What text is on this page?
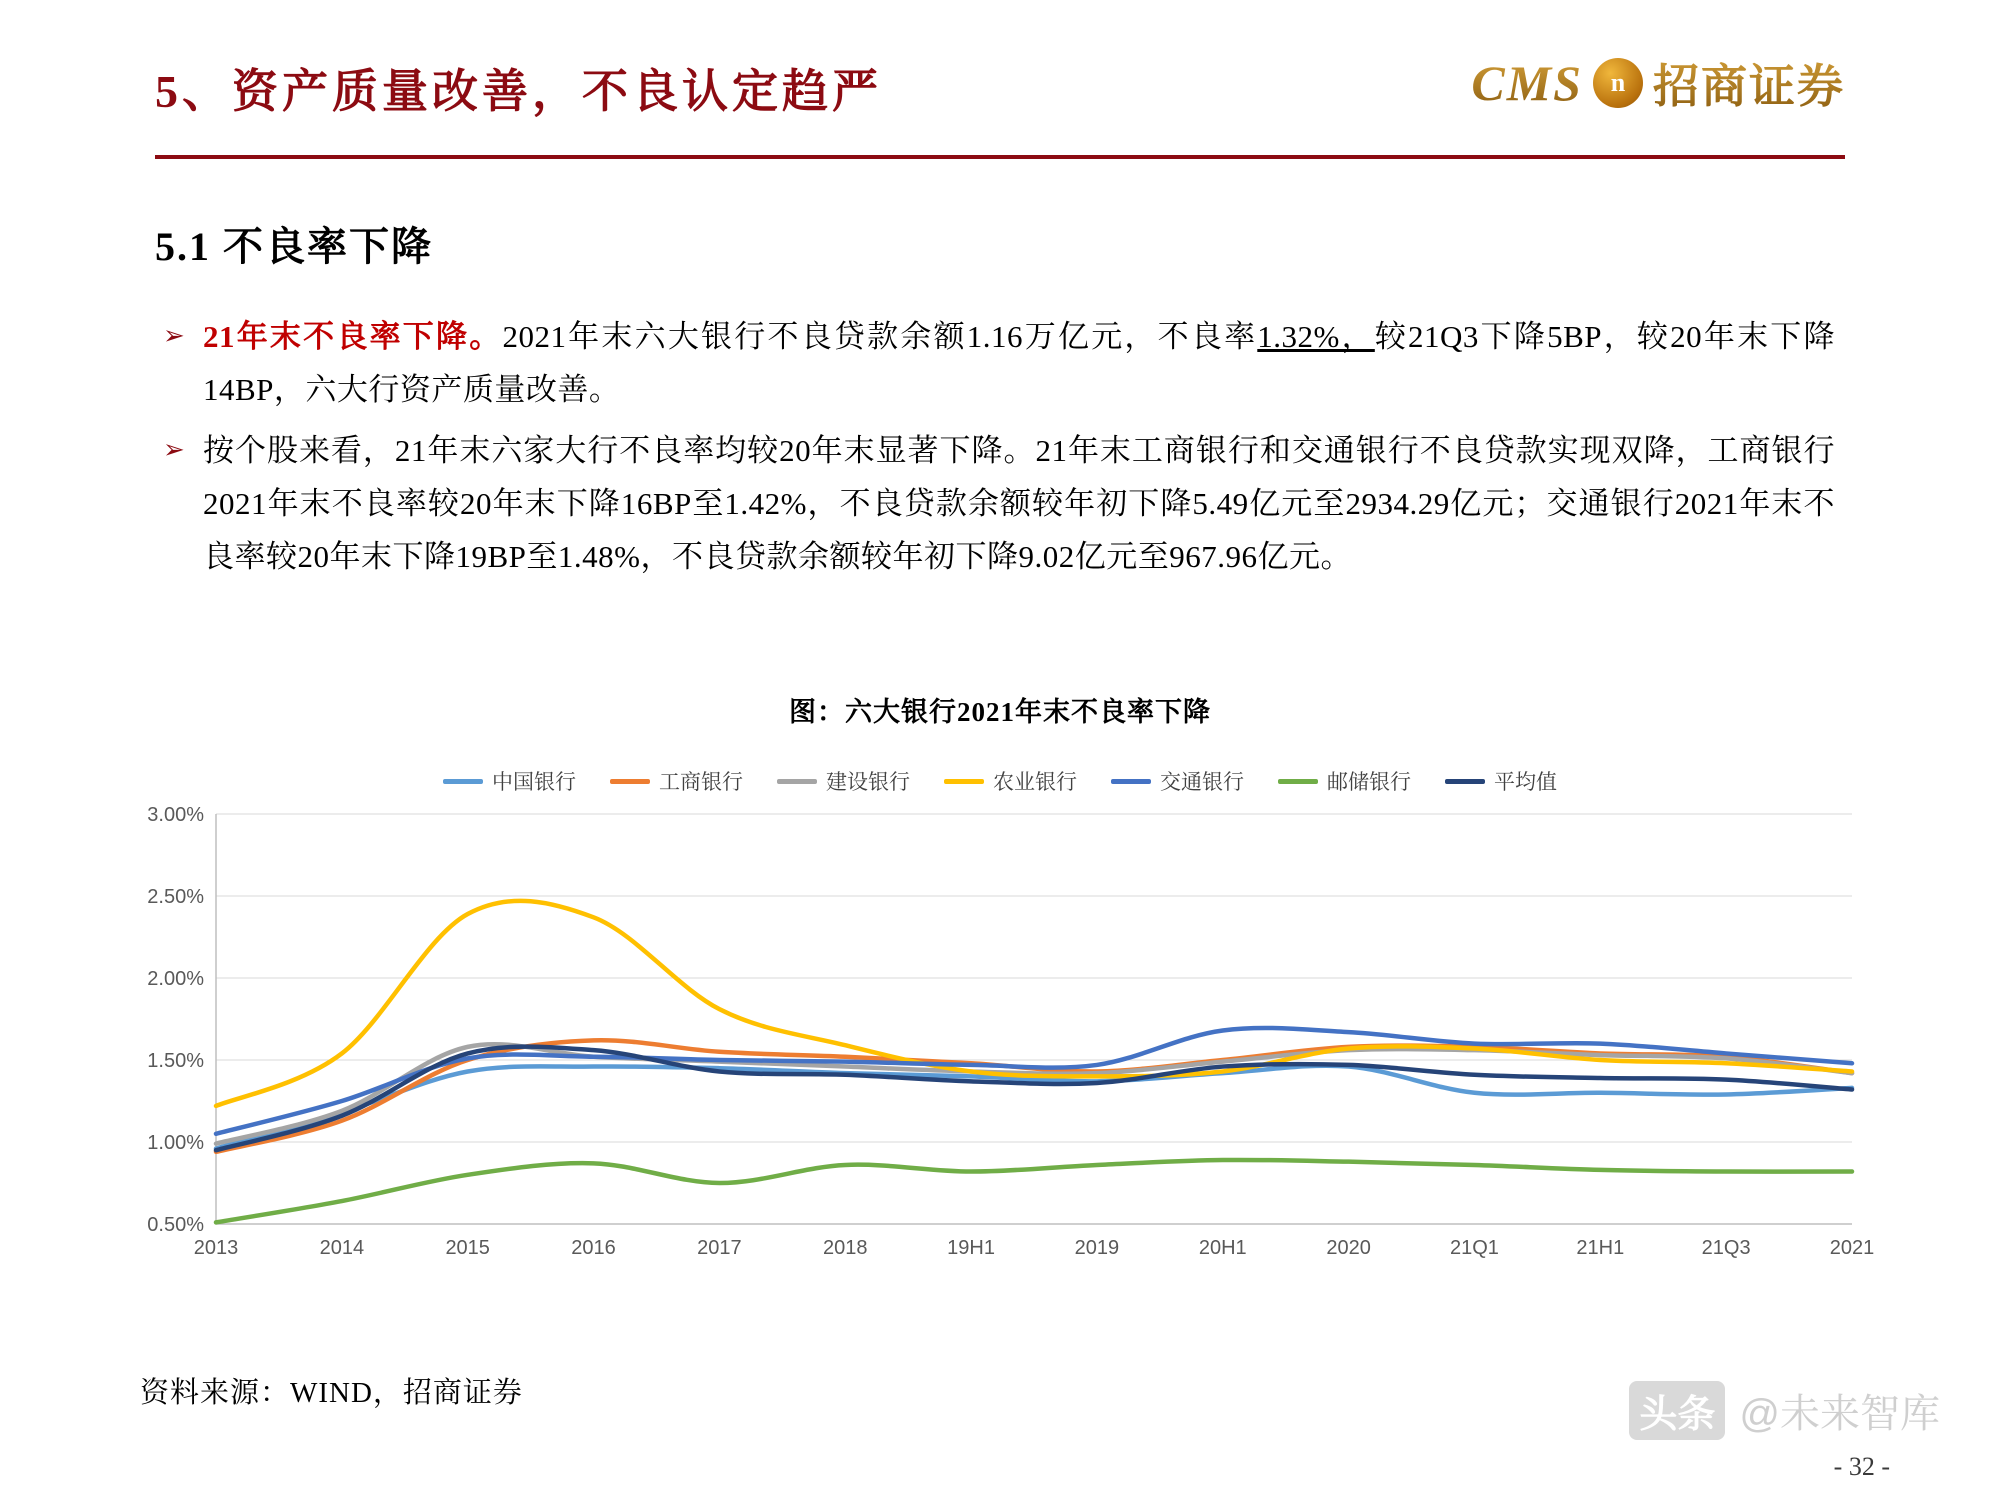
5、资产质量改善，不良认定趋严	CMS	n 招商证券
5.1 不良率下降
➢ 21年末不良率下降。2021年末六大银行不良贷款余额1.16万亿元，不良率1.32%，较21Q3下降5BP，较20年末下降14BP，六大行资产质量改善。
➢ 按个股来看，21年末六家大行不良率均较20年末显著下降。21年末工商银行和交通银行不良贷款实现双降，工商银行2021年末不良率较20年末下降16BP至1.42%，不良贷款余额较年初下降5.49亿元至2934.29亿元；交通银行2021年末不良率较20年末下降19BP至1.48%，不良贷款余额较年初下降9.02亿元至967.96亿元。
图：六大银行2021年末不良率下降
中国银行	工商银行	建设银行	农业银行	交通银行	邮储银行	平均值
0.50%
1.00%
1.50%
2.00%
2.50%
3.00%
2013	2014	2015	2016	2017	2018	19H1	2019	20H1	2020	21Q1	21H1	21Q3	2021
资料来源：WIND，招商证券
头条 @未来智库
- 32 -
